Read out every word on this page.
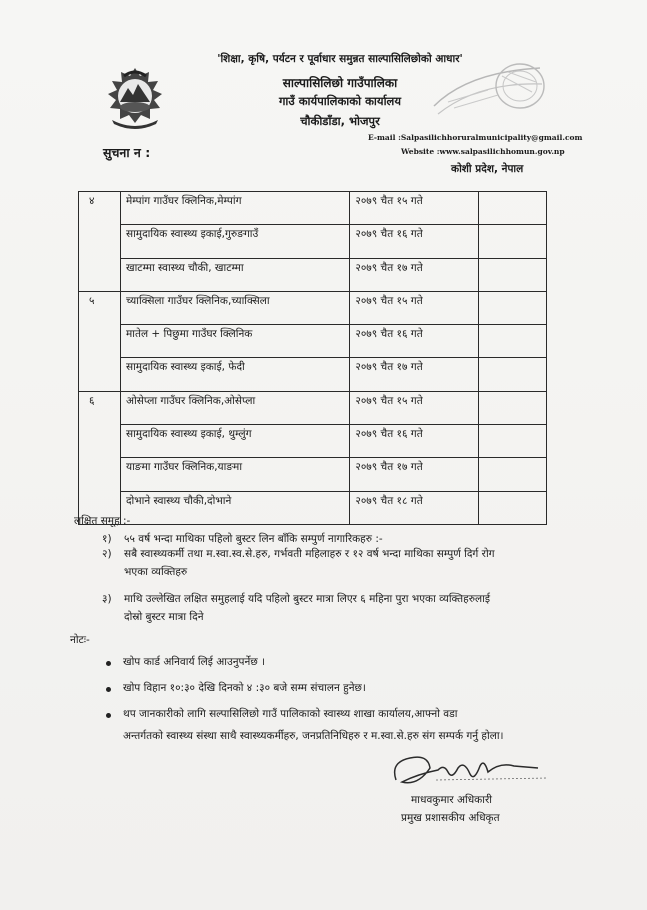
'शिक्षा, कृषि, पर्यटन र पूर्वाधार समुन्नत साल्पासिलिछोको आधार'
साल्पासिलिछो गाउँपालिका
गाउँ कार्यपालिकाको कार्यालय
चौकीडाँडा, भोजपुर
सुचना न :
E-mail :Salpasilichhoruralmunicipality@gmail.com
Website :www.salpasilichhomun.gov.np
कोशी प्रदेश, नेपाल
४	मेम्पांग गाउँघर क्लिनिक,मेम्पांग	२०७९ चैत १५ गते	
	सामुदायिक स्वास्थ्य इकाई,गुरुङगाउँ	२०७९ चैत १६ गते	
	खाटम्मा स्वास्थ्य चौकी, खाटम्मा	२०७९ चैत १७ गते	
५	च्याक्सिला गाउँघर क्लिनिक,च्याक्सिला	२०७९ चैत १५ गते	
	मातेल + पिछुमा गाउँघर क्लिनिक	२०७९ चैत १६ गते	
	सामुदायिक स्वास्थ्य इकाई, फेदी	२०७९ चैत १७ गते	
६	ओसेप्ला गाउँघर क्लिनिक,ओसेप्ला	२०७९ चैत १५ गते	
	सामुदायिक स्वास्थ्य इकाई, थुम्लुंग	२०७९ चैत १६ गते	
	याङमा गाउँघर क्लिनिक,याङमा	२०७९ चैत १७ गते	
	दोभाने स्वास्थ्य चौकी,दोभाने	२०७९ चैत १८ गते	
लक्षित समूह :-
१) ५५ वर्ष भन्दा माथिका पहिलो बुस्टर लिन बाँकि सम्पुर्ण नागारिकहरु :-
२) सबै स्वास्थ्यकर्मी तथा म.स्वा.स्व.से.हरु, गर्भवती महिलाहरु र १२ वर्ष भन्दा माथिका सम्पुर्ण दिर्ग रोग
भएका व्यक्तिहरु
३) माथि उल्लेखित लक्षित समुहलाई यदि पहिलो बुस्टर मात्रा लिएर ६ महिना पुरा भएका व्यक्तिहरुलाई
दोस्रो बुस्टर मात्रा दिने
नोटः-
खोप कार्ड अनिवार्य लिई आउनुपर्नेछ ।
खोप विहान १०:३० देखि दिनको ४ :३० बजे सम्म संचालन हुनेछ।
थप जानकारीको लागि सल्पासिलिछो गाउँ पालिकाको स्वास्थ्य शाखा कार्यालय,आफ्नो वडा
अन्तर्गतको स्वास्थ्य संस्था साथै स्वास्थ्यकर्मीहरु, जनप्रतिनिधिहरु र म.स्वा.से.हरु संग सम्पर्क गर्नु होला।
माधवकुमार अधिकारी
प्रमुख प्रशासकीय अधिकृत
